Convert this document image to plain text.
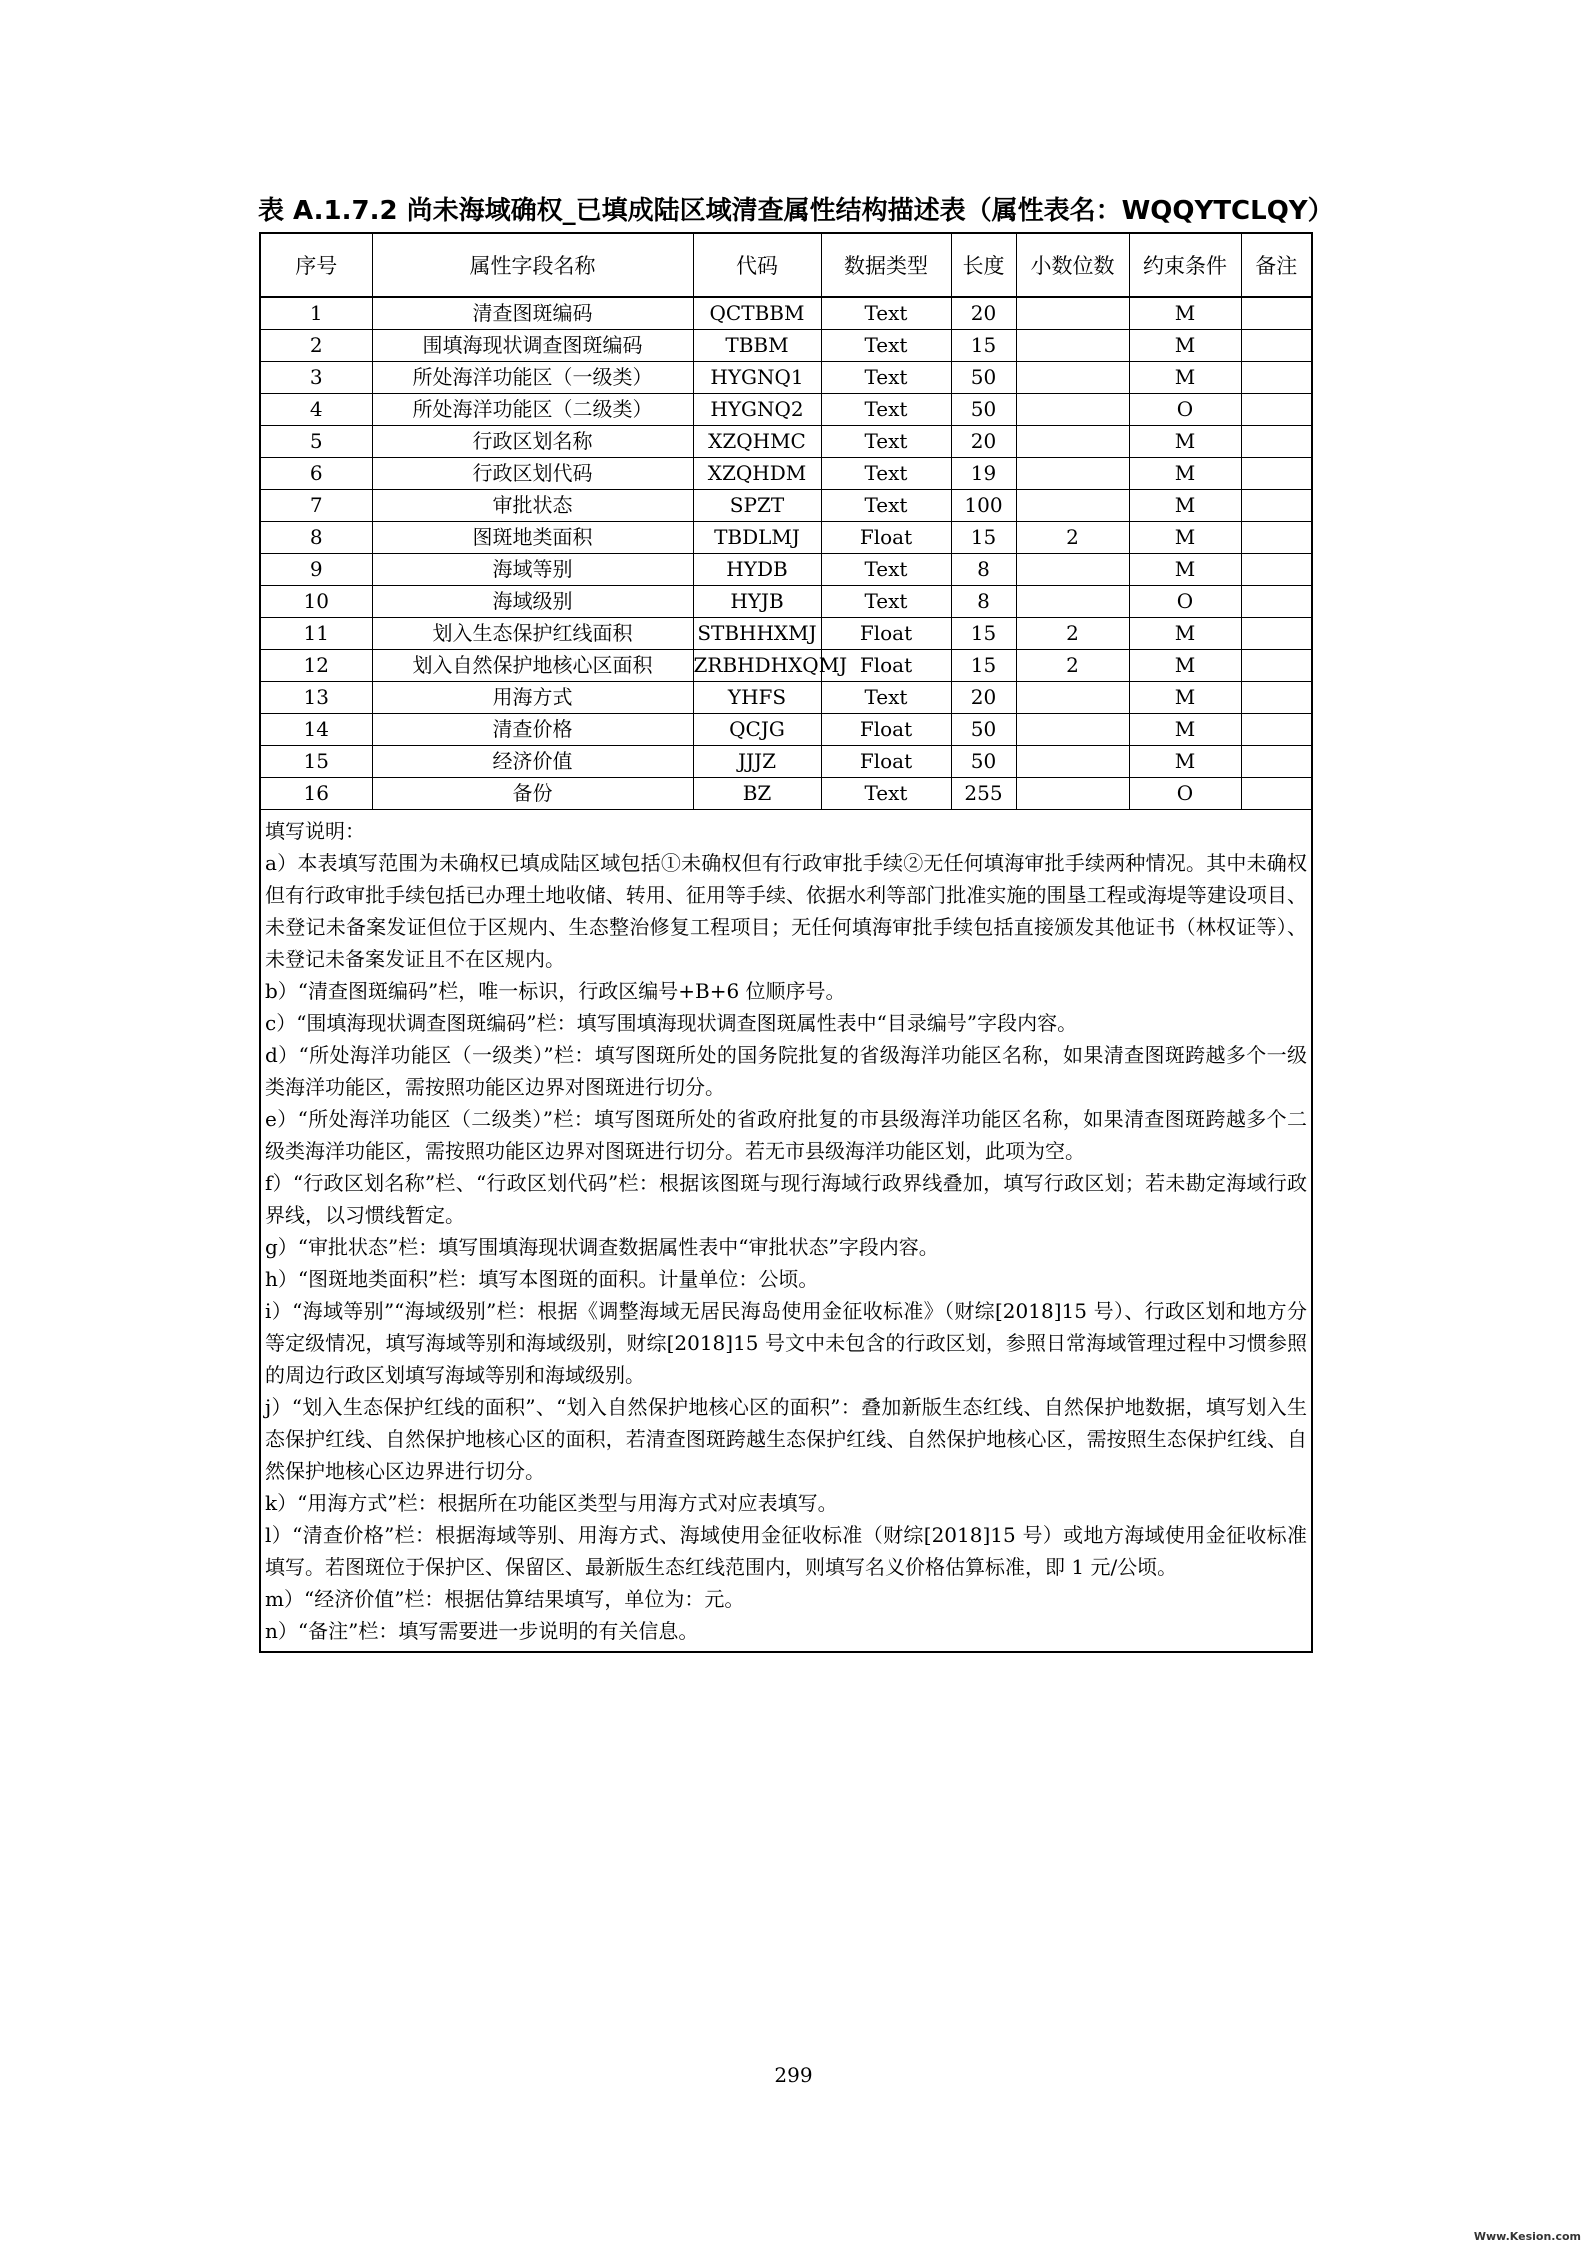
表 A.1.7.2 尚未海域确权_已填成陆区域清查属性结构描述表（属性表名：WQQYTCLQY）
序号	属性字段名称	代码	数据类型	长度	小数位数	约束条件	备注
1	清查图斑编码	QCTBBM	Text	20		M	
2	围填海现状调查图斑编码	TBBM	Text	15		M	
3	所处海洋功能区（一级类）	HYGNQ1	Text	50		M	
4	所处海洋功能区（二级类）	HYGNQ2	Text	50		O	
5	行政区划名称	XZQHMC	Text	20		M	
6	行政区划代码	XZQHDM	Text	19		M	
7	审批状态	SPZT	Text	100		M	
8	图斑地类面积	TBDLMJ	Float	15	2	M	
9	海域等别	HYDB	Text	8		M	
10	海域级别	HYJB	Text	8		O	
11	划入生态保护红线面积	STBHHXMJ	Float	15	2	M	
12	划入自然保护地核心区面积	ZRBHDHXQMJ	Float	15	2	M	
13	用海方式	YHFS	Text	20		M	
14	清查价格	QCJG	Float	50		M	
15	经济价值	JJJZ	Float	50		M	
16	备份	BZ	Text	255		O	

填写说明：

a）本表填写范围为未确权已填成陆区域包括①未确权但有行政审批手续②无任何填海审批手续两种情况。其中未确权但有行政审批手续包括已办理土地收储、转用、征用等手续、依据水利等部门批准实施的围垦工程或海堤等建设项目、未登记未备案发证但位于区规内、生态整治修复工程项目；无任何填海审批手续包括直接颁发其他证书（林权证等）、未登记未备案发证且不在区规内。

b）“清查图斑编码”栏，唯一标识，行政区编号+B+6 位顺序号。

c）“围填海现状调查图斑编码”栏：填写围填海现状调查图斑属性表中“目录编号”字段内容。

d）“所处海洋功能区（一级类）”栏：填写图斑所处的国务院批复的省级海洋功能区名称，如果清查图斑跨越多个一级类海洋功能区，需按照功能区边界对图斑进行切分。

e）“所处海洋功能区（二级类）”栏：填写图斑所处的省政府批复的市县级海洋功能区名称，如果清查图斑跨越多个二级类海洋功能区，需按照功能区边界对图斑进行切分。若无市县级海洋功能区划，此项为空。

f）“行政区划名称”栏、“行政区划代码”栏：根据该图斑与现行海域行政界线叠加，填写行政区划；若未勘定海域行政界线，以习惯线暂定。

g）“审批状态”栏：填写围填海现状调查数据属性表中“审批状态”字段内容。

h）“图斑地类面积”栏：填写本图斑的面积。计量单位：公顷。

i）“海域等别”“海域级别”栏：根据《调整海域无居民海岛使用金征收标准》（财综[2018]15 号）、行政区划和地方分等定级情况，填写海域等别和海域级别，财综[2018]15 号文中未包含的行政区划，参照日常海域管理过程中习惯参照的周边行政区划填写海域等别和海域级别。

j）“划入生态保护红线的面积”、“划入自然保护地核心区的面积”：叠加新版生态红线、自然保护地数据，填写划入生态保护红线、自然保护地核心区的面积，若清查图斑跨越生态保护红线、自然保护地核心区，需按照生态保护红线、自然保护地核心区边界进行切分。

k）“用海方式”栏：根据所在功能区类型与用海方式对应表填写。

l）“清查价格”栏：根据海域等别、用海方式、海域使用金征收标准（财综[2018]15 号）或地方海域使用金征收标准填写。若图斑位于保护区、保留区、最新版生态红线范围内，则填写名义价格估算标准，即 1 元/公顷。

m）“经济价值”栏：根据估算结果填写，单位为：元。

n）“备注”栏：填写需要进一步说明的有关信息。

299
Www.Kesion.com
